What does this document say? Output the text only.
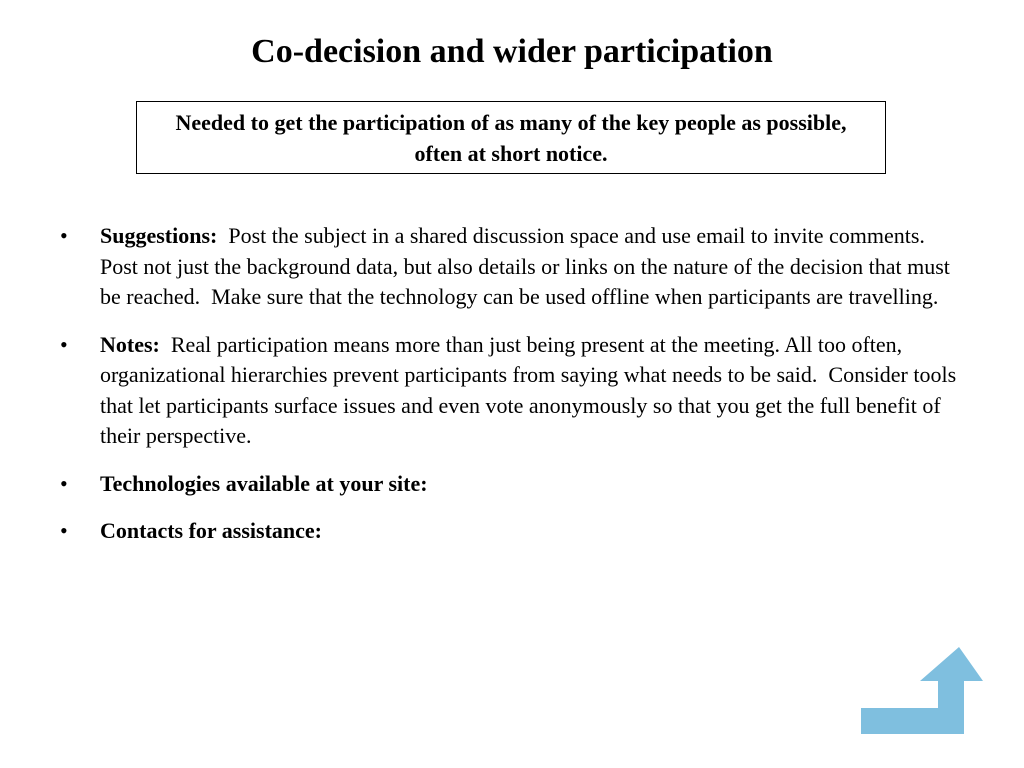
Co-decision and wider participation
Needed to get the participation of as many of the key people as possible, often at short notice.
• Suggestions:  Post the subject in a shared discussion space and use email to invite comments.  Post not just the background data, but also details or links on the nature of the decision that must be reached.  Make sure that the technology can be used offline when participants are travelling.
• Notes:  Real participation means more than just being present at the meeting. All too often, organizational hierarchies prevent participants from saying what needs to be said.  Consider tools that let participants surface issues and even vote anonymously so that you get the full benefit of their perspective.
• Technologies available at your site:
• Contacts for assistance:
